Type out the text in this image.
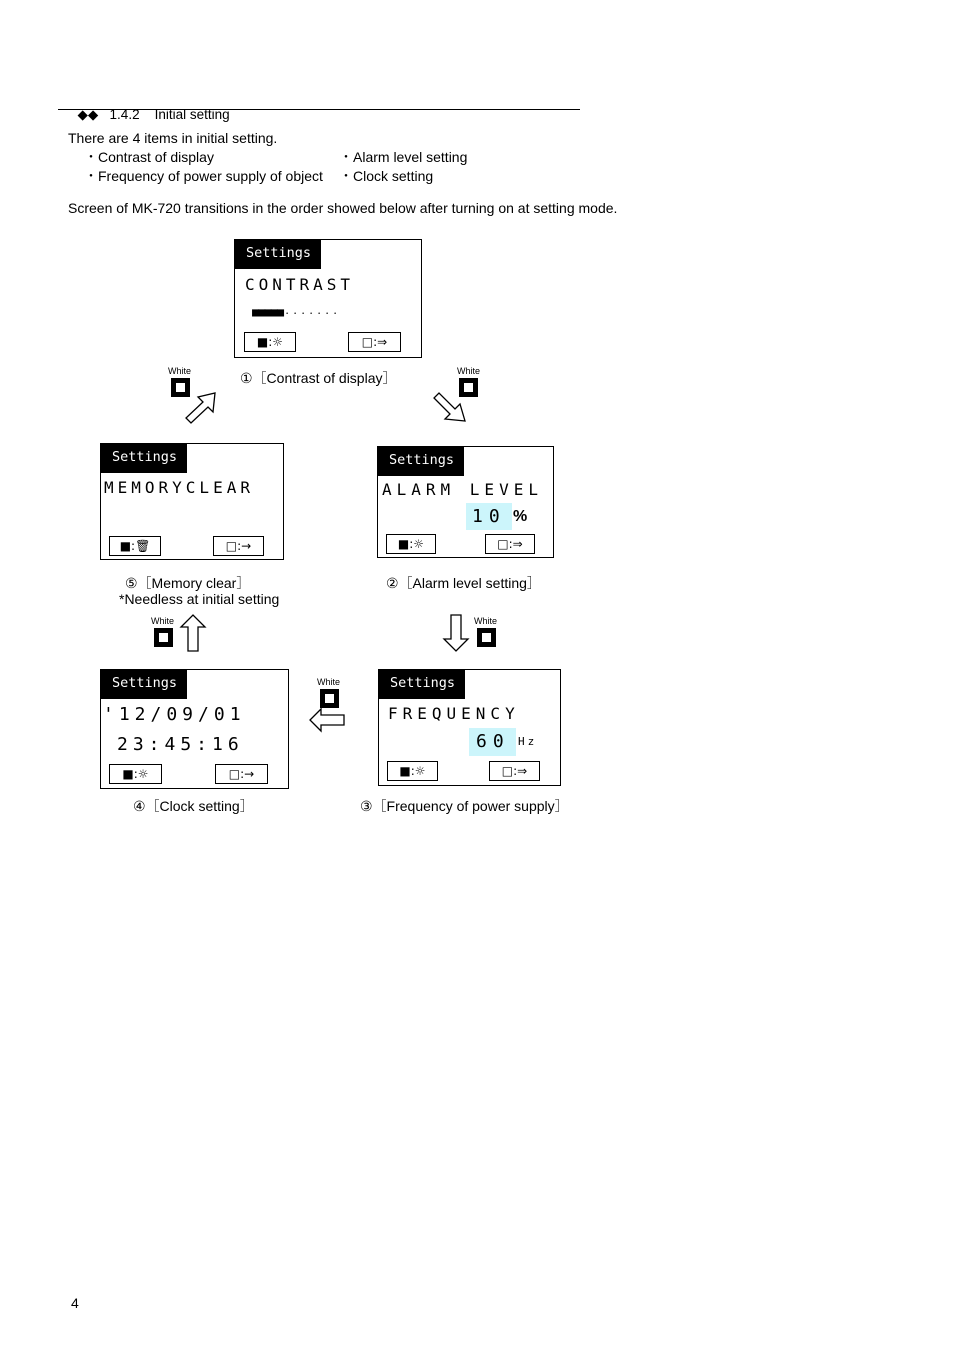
◆◆ 1.4.2 Initial setting

There are 4 items in initial setting.
・Contrast of display
・Frequency of power supply of object
・Alarm level setting
・Clock setting
Screen of MK-720 transitions in the order showed below after turning on at setting mode.
Settings
CONTRAST
■■■■■・・・・・・・
■:☼	□:⇒
①［Contrast of display］
Settings
ALARM LEVEL
10 %
■:☼	□:⇒
②［Alarm level setting］
Settings
FREQUENCY
60 Hz
■:☼	□:⇒
③［Frequency of power supply］
Settings
'12/09/01
23:45:16
■:☼	□:→
④［Clock setting］
Settings
MEMORYCLEAR
■:🗑	□:→
⑤［Memory clear］
*Needless at initial setting
White	White
White	White
White
4
